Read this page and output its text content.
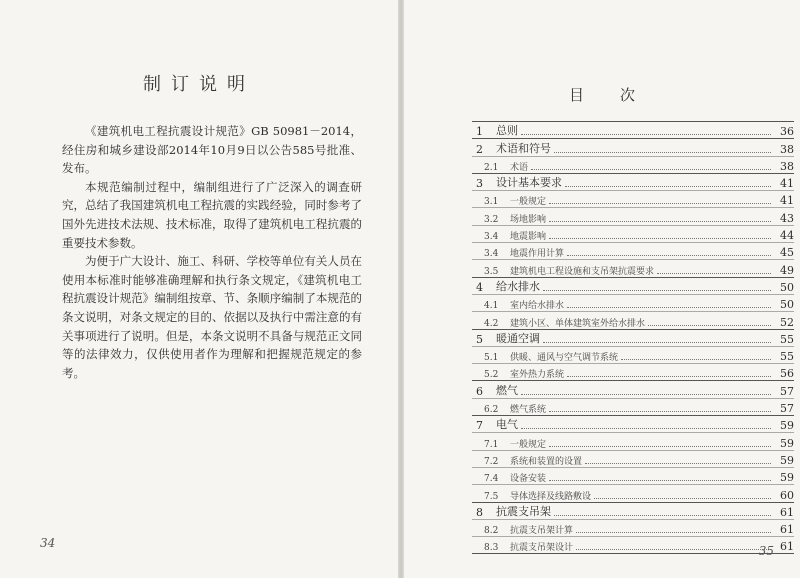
制订说明

《建筑机电工程抗震设计规范》GB 50981－2014，经住房和城乡建设部2014年10月9日以公告585号批准、发布。

本规范编制过程中，编制组进行了广泛深入的调查研究，总结了我国建筑机电工程抗震的实践经验，同时参考了国外先进技术法规、技术标准，取得了建筑机电工程抗震的重要技术参数。

为便于广大设计、施工、科研、学校等单位有关人员在使用本标准时能够准确理解和执行条文规定，《建筑机电工程抗震设计规范》编制组按章、节、条顺序编制了本规范的条文说明，对条文规定的目的、依据以及执行中需注意的有关事项进行了说明。但是，本条文说明不具备与规范正文同等的法律效力，仅供使用者作为理解和把握规范规定的参考。

34
目次
1	总则	36
2	术语和符号	38
2.1	术语	38
3	设计基本要求	41
3.1	一般规定	41
3.2	场地影响	43
3.4	地震影响	44
3.4	地震作用计算	45
3.5	建筑机电工程设施和支吊架抗震要求	49
4	给水排水	50
4.1	室内给水排水	50
4.2	建筑小区、单体建筑室外给水排水	52
5	暖通空调	55
5.1	供暖、通风与空气调节系统	55
5.2	室外热力系统	56
6	燃气	57
6.2	燃气系统	57
7	电气	59
7.1	一般规定	59
7.2	系统和装置的设置	59
7.4	设备安装	59
7.5	导体选择及线路敷设	60
8	抗震支吊架	61
8.2	抗震支吊架计算	61
8.3	抗震支吊架设计	61
35
